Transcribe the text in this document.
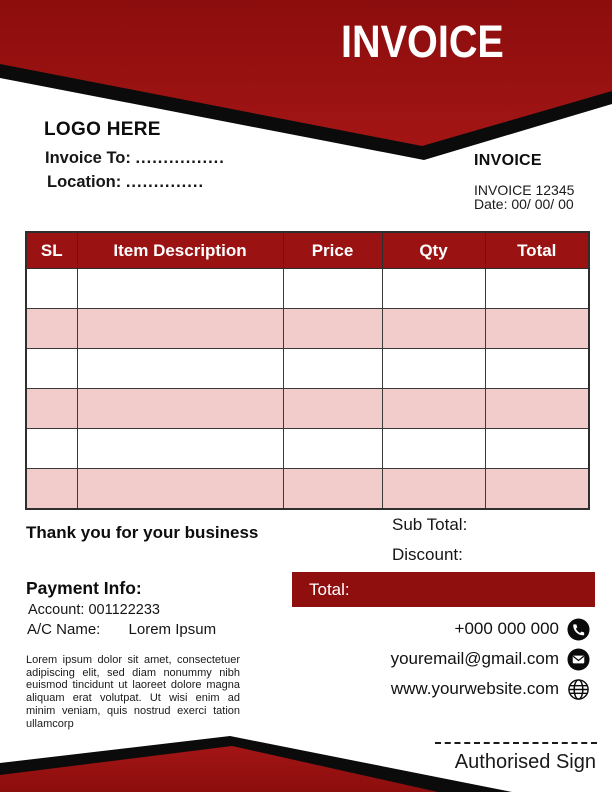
INVOICE
LOGO HERE
Invoice To: ................
Location: ..............
INVOICE
INVOICE 12345
Date: 00/ 00/ 00
SL	Item Description	Price	Qty	Total

Thank you for your business	Sub Total:
Discount:
Total:
Payment Info:
Account: 001122233
A/C Name: Lorem Ipsum
Lorem ipsum dolor sit amet, consectetuer adipiscing elit, sed diam nonummy nibh euismod tincidunt ut laoreet dolore magna aliquam erat volutpat. Ut wisi enim ad minim veniam, quis nostrud exerci tation ullamcorp
+000 000 000
youremail@gmail.com
www.yourwebsite.com
Authorised Sign
